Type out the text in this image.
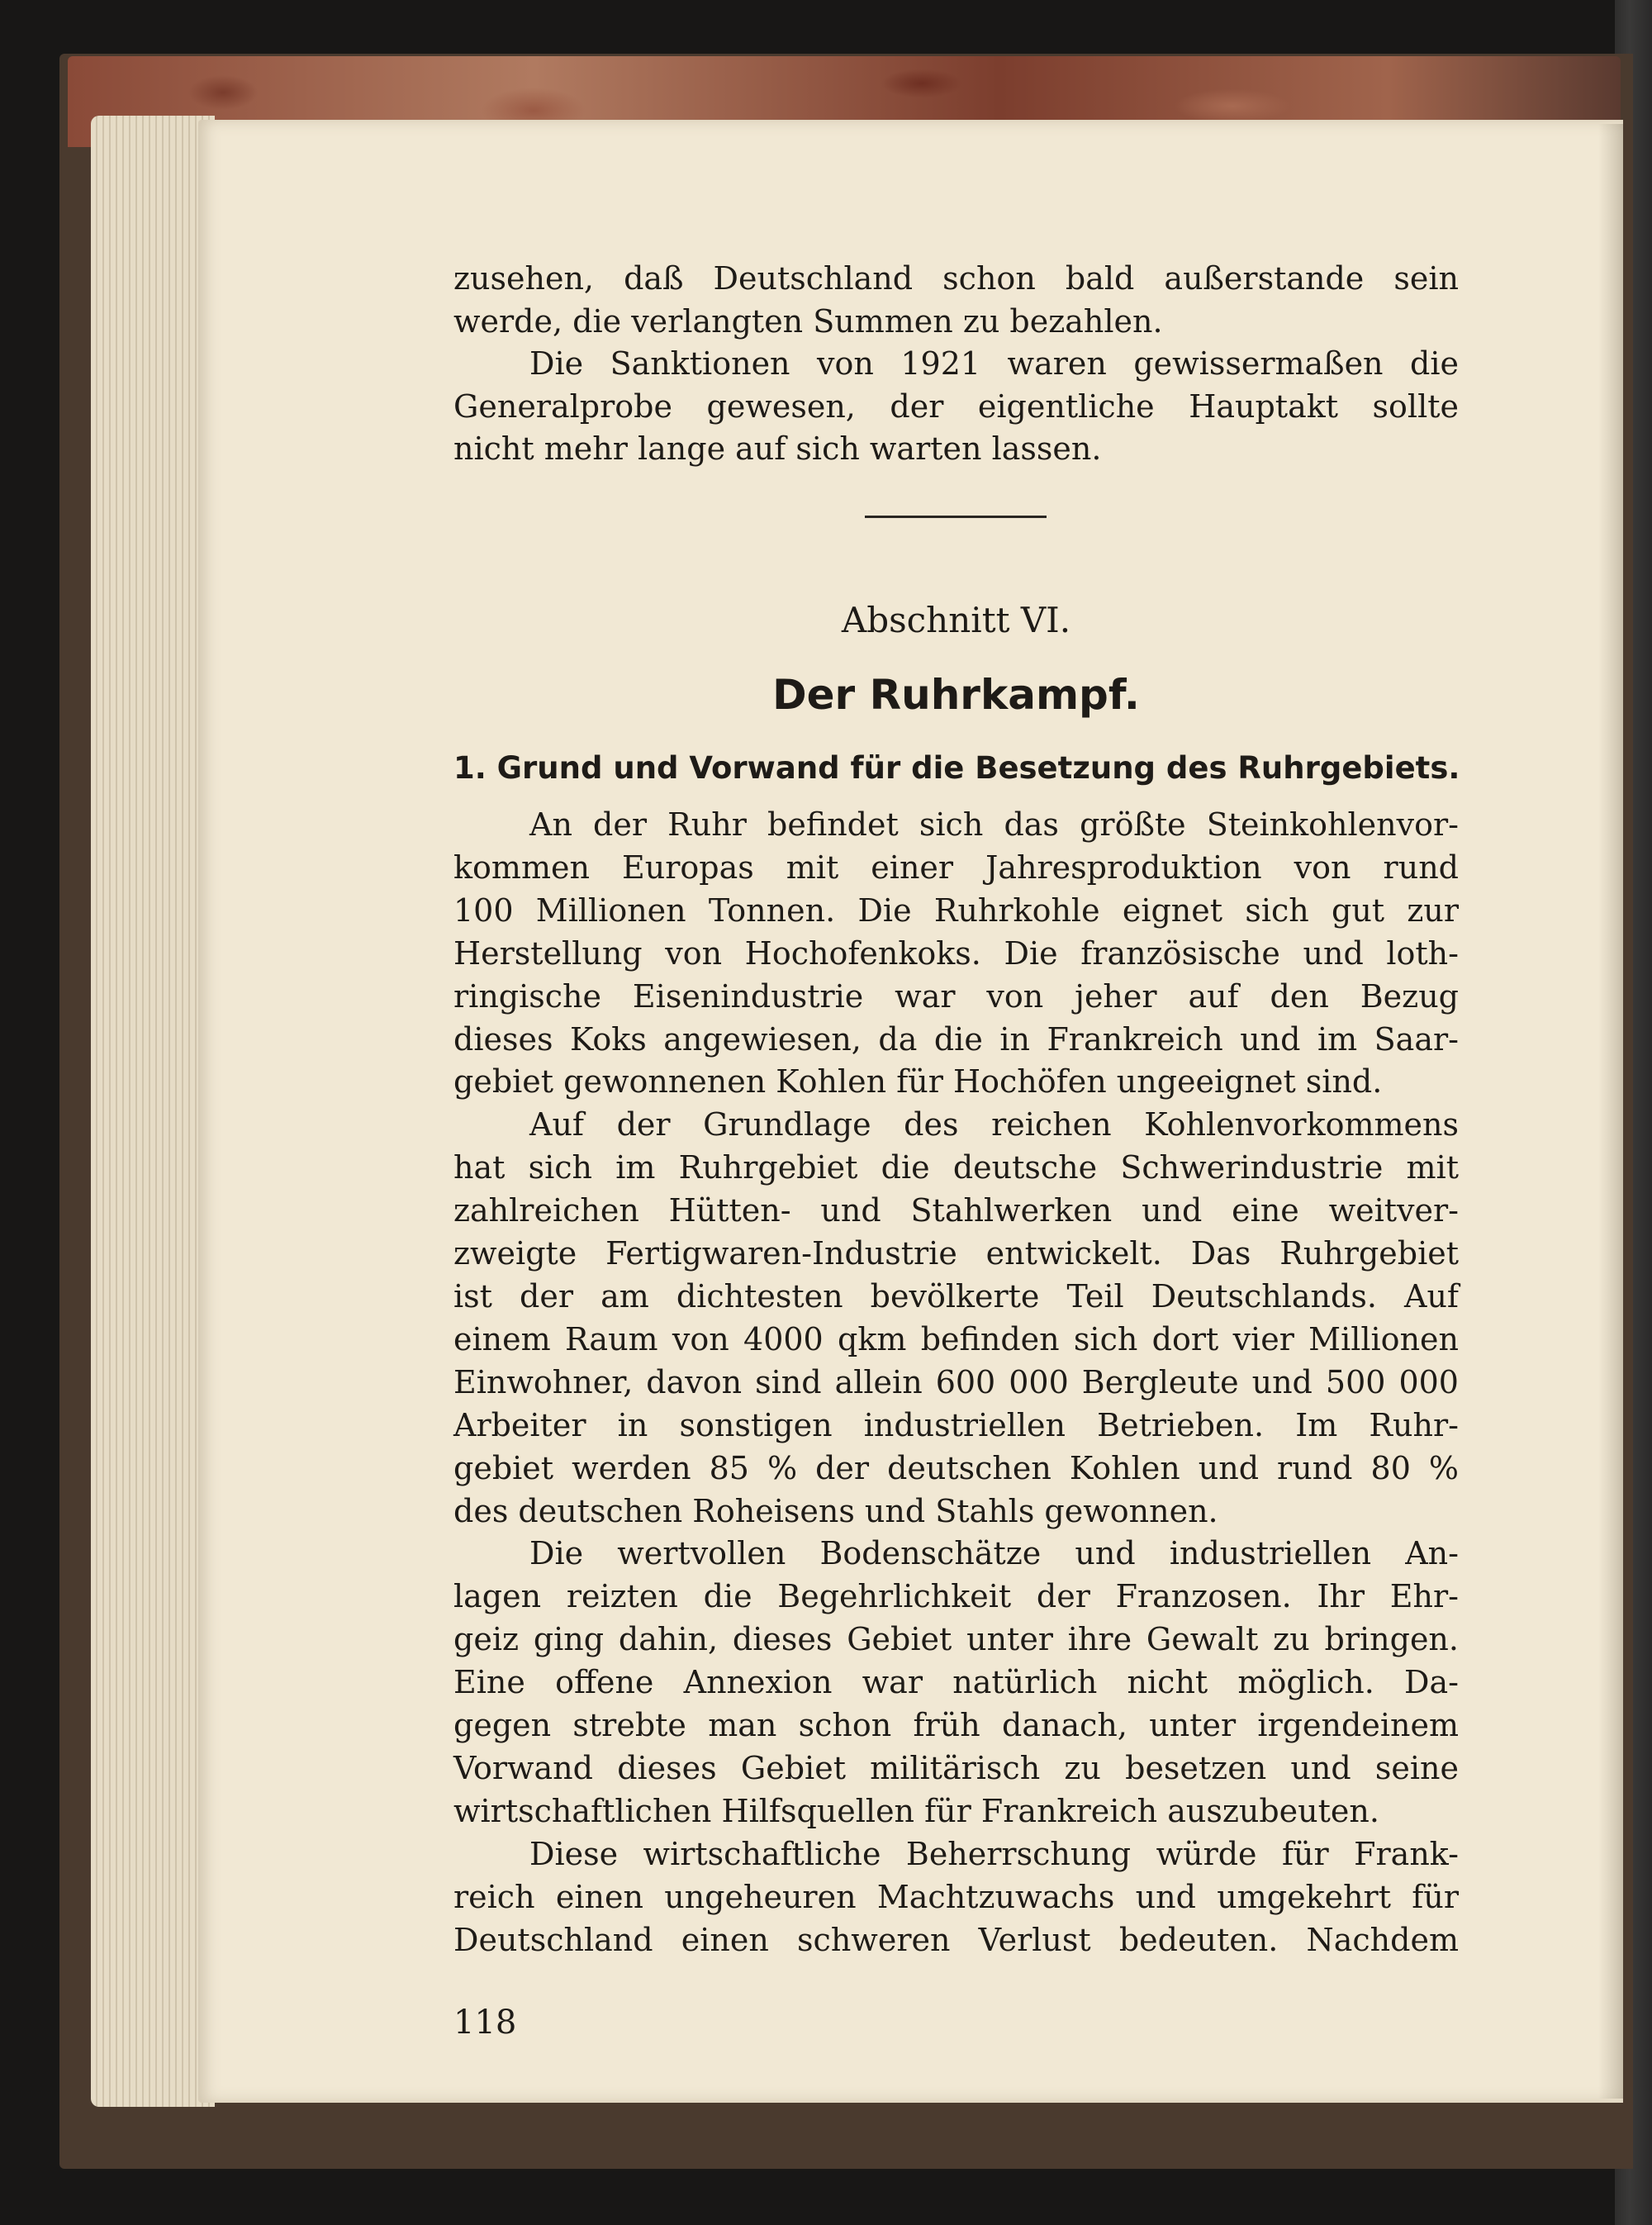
zusehen, daß Deutschland schon bald außerstande sein
werde, die verlangten Summen zu bezahlen.
Die Sanktionen von 1921 waren gewissermaßen die
Generalprobe gewesen, der eigentliche Hauptakt sollte
nicht mehr lange auf sich warten lassen.
Abschnitt VI.
Der Ruhrkampf.
1. Grund und Vorwand für die Besetzung des Ruhrgebiets.
An der Ruhr befindet sich das größte Steinkohlenvor-
kommen Europas mit einer Jahresproduktion von rund
100 Millionen Tonnen. Die Ruhrkohle eignet sich gut zur
Herstellung von Hochofenkoks. Die französische und loth-
ringische Eisenindustrie war von jeher auf den Bezug
dieses Koks angewiesen, da die in Frankreich und im Saar-
gebiet gewonnenen Kohlen für Hochöfen ungeeignet sind.
Auf der Grundlage des reichen Kohlenvorkommens
hat sich im Ruhrgebiet die deutsche Schwerindustrie mit
zahlreichen Hütten- und Stahlwerken und eine weitver-
zweigte Fertigwaren-Industrie entwickelt. Das Ruhrgebiet
ist der am dichtesten bevölkerte Teil Deutschlands. Auf
einem Raum von 4000 qkm befinden sich dort vier Millionen
Einwohner, davon sind allein 600 000 Bergleute und 500 000
Arbeiter in sonstigen industriellen Betrieben. Im Ruhr-
gebiet werden 85 % der deutschen Kohlen und rund 80 %
des deutschen Roheisens und Stahls gewonnen.
Die wertvollen Bodenschätze und industriellen An-
lagen reizten die Begehrlichkeit der Franzosen. Ihr Ehr-
geiz ging dahin, dieses Gebiet unter ihre Gewalt zu bringen.
Eine offene Annexion war natürlich nicht möglich. Da-
gegen strebte man schon früh danach, unter irgendeinem
Vorwand dieses Gebiet militärisch zu besetzen und seine
wirtschaftlichen Hilfsquellen für Frankreich auszubeuten.
Diese wirtschaftliche Beherrschung würde für Frank-
reich einen ungeheuren Machtzuwachs und umgekehrt für
Deutschland einen schweren Verlust bedeuten. Nachdem
118
